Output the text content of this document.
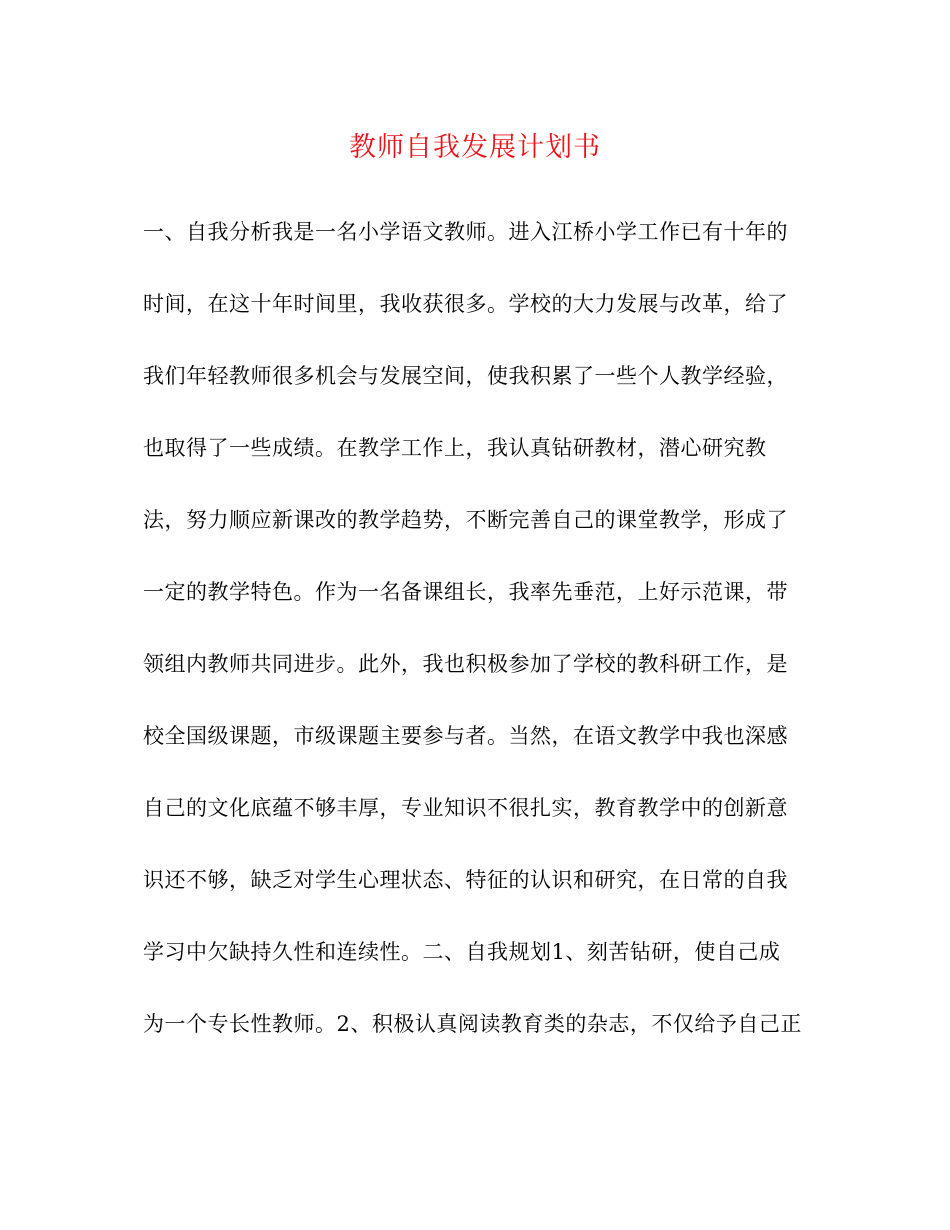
教师自我发展计划书
一、自我分析我是一名小学语文教师。进入江桥小学工作已有十年的
时间，在这十年时间里，我收获很多。学校的大力发展与改革，给了
我们年轻教师很多机会与发展空间，使我积累了一些个人教学经验，
也取得了一些成绩。在教学工作上，我认真钻研教材，潜心研究教
法，努力顺应新课改的教学趋势，不断完善自己的课堂教学，形成了
一定的教学特色。作为一名备课组长，我率先垂范，上好示范课，带
领组内教师共同进步。此外，我也积极参加了学校的教科研工作，是
校全国级课题，市级课题主要参与者。当然，在语文教学中我也深感
自己的文化底蕴不够丰厚，专业知识不很扎实，教育教学中的创新意
识还不够，缺乏对学生心理状态、特征的认识和研究，在日常的自我
学习中欠缺持久性和连续性。二、自我规划1、刻苦钻研，使自己成
为一个专长性教师。2、积极认真阅读教育类的杂志，不仅给予自己正
